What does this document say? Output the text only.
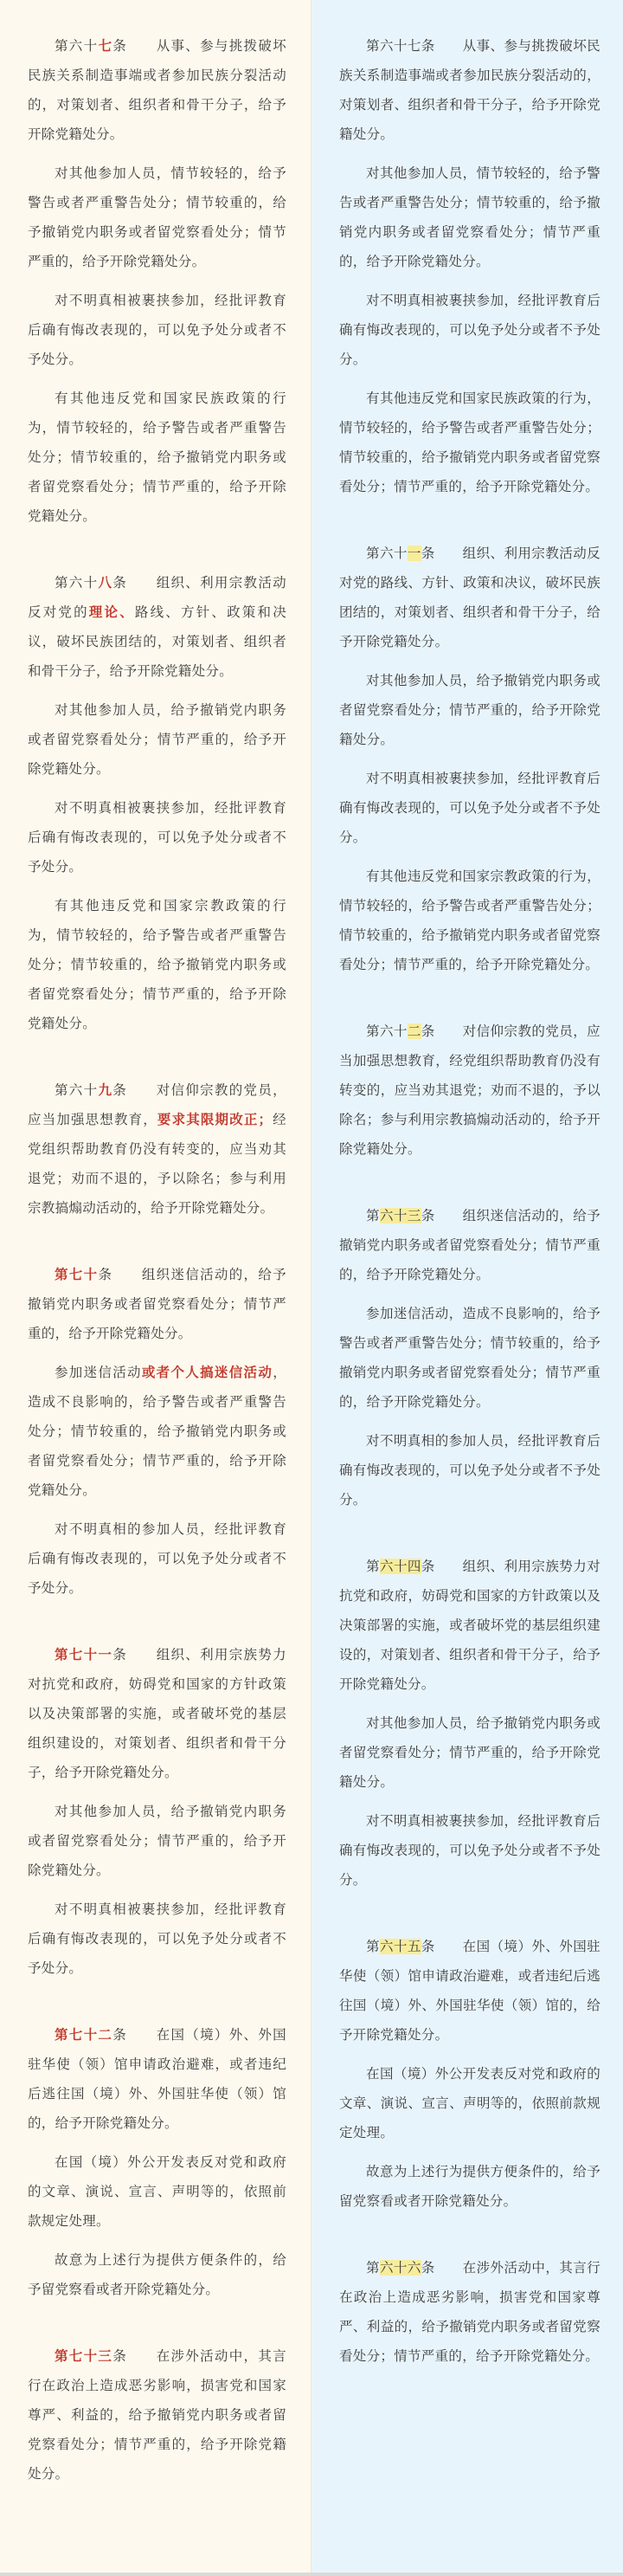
第六十七条　　 从事、参与挑拨破坏民族关系制造事端或者参加民族分裂活动的，对策划者、组织者和骨干分子，给予开除党籍处分。

对其他参加人员，情节较轻的，给予警告或者严重警告处分；情节较重的，给予撤销党内职务或者留党察看处分；情节严重的，给予开除党籍处分。

对不明真相被裹挟参加，经批评教育后确有悔改表现的，可以免予处分或者不予处分。

有其他违反党和国家民族政策的行为，情节较轻的，给予警告或者严重警告处分；情节较重的，给予撤销党内职务或者留党察看处分；情节严重的，给予开除党籍处分。

第六十八条　　 组织、利用宗教活动反对党的理论、路线、方针、政策和决议，破坏民族团结的，对策划者、组织者和骨干分子，给予开除党籍处分。

对其他参加人员，给予撤销党内职务或者留党察看处分；情节严重的，给予开除党籍处分。

对不明真相被裹挟参加，经批评教育后确有悔改表现的，可以免予处分或者不予处分。

有其他违反党和国家宗教政策的行为，情节较轻的，给予警告或者严重警告处分；情节较重的，给予撤销党内职务或者留党察看处分；情节严重的，给予开除党籍处分。

第六十九条　　 对信仰宗教的党员，应当加强思想教育，要求其限期改正；经党组织帮助教育仍没有转变的，应当劝其退党；劝而不退的，予以除名；参与利用宗教搞煽动活动的，给予开除党籍处分。

第七十条　　 组织迷信活动的，给予撤销党内职务或者留党察看处分；情节严重的，给予开除党籍处分。

参加迷信活动或者个人搞迷信活动，造成不良影响的，给予警告或者严重警告处分；情节较重的，给予撤销党内职务或者留党察看处分；情节严重的，给予开除党籍处分。

对不明真相的参加人员，经批评教育后确有悔改表现的，可以免予处分或者不予处分。

第七十一条　　 组织、利用宗族势力对抗党和政府，妨碍党和国家的方针政策以及决策部署的实施，或者破坏党的基层组织建设的，对策划者、组织者和骨干分子，给予开除党籍处分。

对其他参加人员，给予撤销党内职务或者留党察看处分；情节严重的，给予开除党籍处分。

对不明真相被裹挟参加，经批评教育后确有悔改表现的，可以免予处分或者不予处分。

第七十二条　　 在国（境）外、外国驻华使（领）馆申请政治避难，或者违纪后逃往国（境）外、外国驻华使（领）馆的，给予开除党籍处分。

在国（境）外公开发表反对党和政府的文章、演说、宣言、声明等的，依照前款规定处理。

故意为上述行为提供方便条件的，给予留党察看或者开除党籍处分。

第七十三条　　 在涉外活动中，其言行在政治上造成恶劣影响，损害党和国家尊严、利益的，给予撤销党内职务或者留党察看处分；情节严重的，给予开除党籍处分。

第六十七条　　 从事、参与挑拨破坏民族关系制造事端或者参加民族分裂活动的，对策划者、组织者和骨干分子，给予开除党籍处分。

对其他参加人员，情节较轻的，给予警告或者严重警告处分；情节较重的，给予撤销党内职务或者留党察看处分；情节严重的，给予开除党籍处分。

对不明真相被裹挟参加，经批评教育后确有悔改表现的，可以免予处分或者不予处分。

有其他违反党和国家民族政策的行为，情节较轻的，给予警告或者严重警告处分；情节较重的，给予撤销党内职务或者留党察看处分；情节严重的，给予开除党籍处分。

第六十一条　　 组织、利用宗教活动反对党的路线、方针、政策和决议，破坏民族团结的，对策划者、组织者和骨干分子，给予开除党籍处分。

对其他参加人员，给予撤销党内职务或者留党察看处分；情节严重的，给予开除党籍处分。

对不明真相被裹挟参加，经批评教育后确有悔改表现的，可以免予处分或者不予处分。

有其他违反党和国家宗教政策的行为，情节较轻的，给予警告或者严重警告处分；情节较重的，给予撤销党内职务或者留党察看处分；情节严重的，给予开除党籍处分。

第六十二条　　 对信仰宗教的党员，应当加强思想教育，经党组织帮助教育仍没有转变的，应当劝其退党；劝而不退的，予以除名；参与利用宗教搞煽动活动的，给予开除党籍处分。

第六十三条　　 组织迷信活动的，给予撤销党内职务或者留党察看处分；情节严重的，给予开除党籍处分。

参加迷信活动，造成不良影响的，给予警告或者严重警告处分；情节较重的，给予撤销党内职务或者留党察看处分；情节严重的，给予开除党籍处分。

对不明真相的参加人员，经批评教育后确有悔改表现的，可以免予处分或者不予处分。

第六十四条　　 组织、利用宗族势力对抗党和政府，妨碍党和国家的方针政策以及决策部署的实施，或者破坏党的基层组织建设的，对策划者、组织者和骨干分子，给予开除党籍处分。

对其他参加人员，给予撤销党内职务或者留党察看处分；情节严重的，给予开除党籍处分。

对不明真相被裹挟参加，经批评教育后确有悔改表现的，可以免予处分或者不予处分。

第六十五条　　 在国（境）外、外国驻华使（领）馆申请政治避难，或者违纪后逃往国（境）外、外国驻华使（领）馆的，给予开除党籍处分。

在国（境）外公开发表反对党和政府的文章、演说、宣言、声明等的，依照前款规定处理。

故意为上述行为提供方便条件的，给予留党察看或者开除党籍处分。

第六十六条　　 在涉外活动中，其言行在政治上造成恶劣影响，损害党和国家尊严、利益的，给予撤销党内职务或者留党察看处分；情节严重的，给予开除党籍处分。
